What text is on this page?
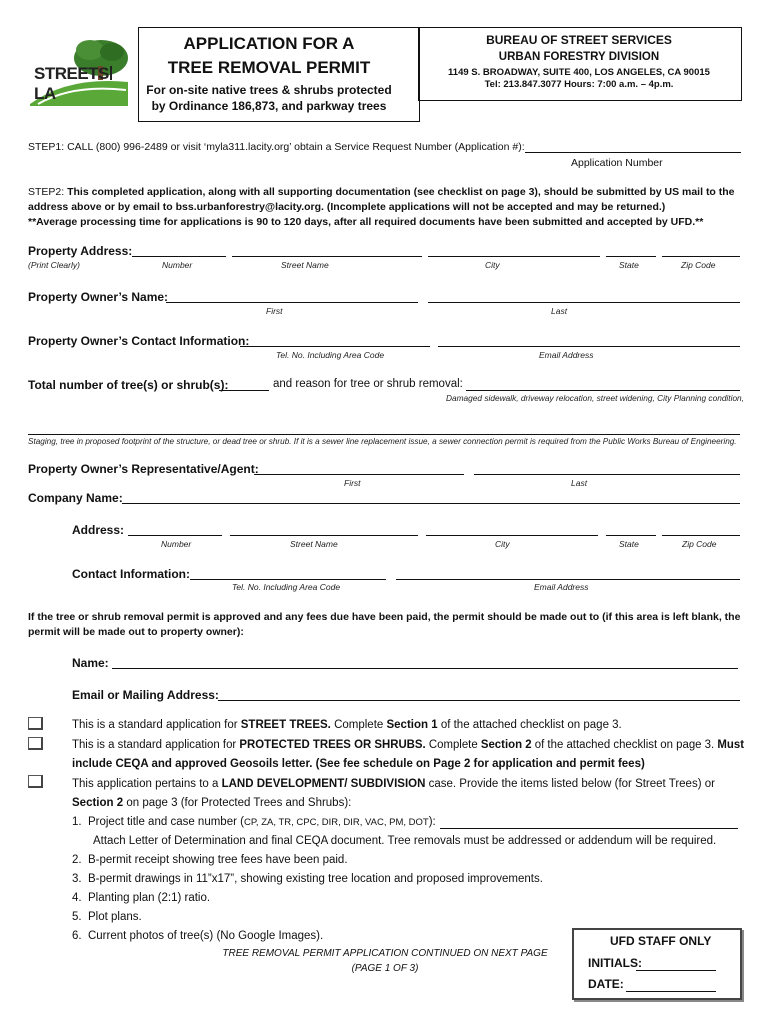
STREETSLA
APPLICATION FOR A
TREE REMOVAL PERMIT
For on-site native trees & shrubs protected
by Ordinance 186,873, and parkway trees
BUREAU OF STREET SERVICES
URBAN FORESTRY DIVISION
1149 S. BROADWAY, SUITE 400, LOS ANGELES, CA 90015
Tel: 213.847.3077 Hours: 7:00 a.m. – 4p.m.
STEP1: CALL (800) 996-2489 or visit ‘myla311.lacity.org’ obtain a Service Request Number (Application #):
Application Number
STEP2: This completed application, along with all supporting documentation (see checklist on page 3), should be submitted by US mail to the
address above or by email to bss.urbanforestry@lacity.org. (Incomplete applications will not be accepted and may be returned.)
**Average processing time for applications is 90 to 120 days, after all required documents have been submitted and accepted by UFD.**
Property Address:
(Print Clearly)	Number	Street Name	City	State	Zip Code
Property Owner’s Name:
First	Last
Property Owner’s Contact Information:
Tel. No. Including Area Code	Email Address
Total number of tree(s) or shrub(s):	and reason for tree or shrub removal:
Damaged sidewalk, driveway relocation, street widening, City Planning condition,
Staging, tree in proposed footprint of the structure, or dead tree or shrub. If it is a sewer line replacement issue, a sewer connection permit is required from the Public Works Bureau of Engineering.
Property Owner’s Representative/Agent:
First	Last
Company Name:
Address:
Number	Street Name	City	State	Zip Code
Contact Information:
Tel. No. Including Area Code	Email Address
If the tree or shrub removal permit is approved and any fees due have been paid, the permit should be made out to (if this area is left blank, the
permit will be made out to property owner):
Name:
Email or Mailing Address:
This is a standard application for STREET TREES. Complete Section 1 of the attached checklist on page 3.
This is a standard application for PROTECTED TREES OR SHRUBS. Complete Section 2 of the attached checklist on page 3. Must
include CEQA and approved Geosoils letter. (See fee schedule on Page 2 for application and permit fees)
This application pertains to a LAND DEVELOPMENT/ SUBDIVISION case. Provide the items listed below (for Street Trees) or
Section 2 on page 3 (for Protected Trees and Shrubs):
1. Project title and case number (CP, ZA, TR, CPC, DIR, DIR, VAC, PM, DOT):
Attach Letter of Determination and final CEQA document. Tree removals must be addressed or addendum will be required.
2. B-permit receipt showing tree fees have been paid.
3. B-permit drawings in 11”x17”, showing existing tree location and proposed improvements.
4. Planting plan (2:1) ratio.
5. Plot plans.
6. Current photos of tree(s) (No Google Images).
TREE REMOVAL PERMIT APPLICATION CONTINUED ON NEXT PAGE
(PAGE 1 OF 3)
UFD STAFF ONLY
INITIALS:
DATE:
